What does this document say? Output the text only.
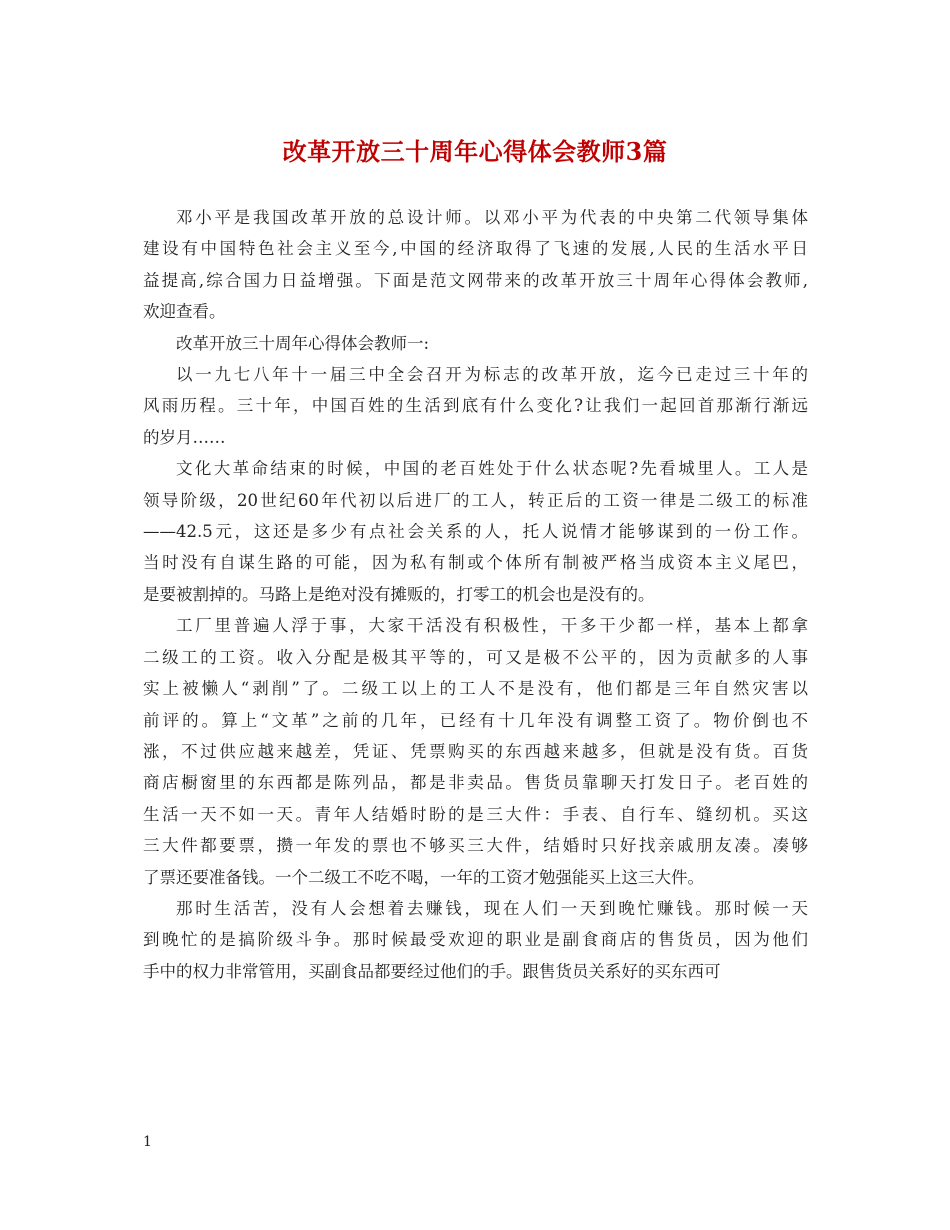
改革开放三十周年心得体会教师3篇

邓小平是我国改革开放的总设计师。以邓小平为代表的中央第二代领导集体
建设有中国特色社会主义至今,中国的经济取得了飞速的发展,人民的生活水平日
益提高,综合国力日益增强。下面是范文网带来的改革开放三十周年心得体会教师,
欢迎查看。

改革开放三十周年心得体会教师一:

以一九七八年十一届三中全会召开为标志的改革开放，迄今已走过三十年的
风雨历程。三十年，中国百姓的生活到底有什么变化?让我们一起回首那渐行渐远
的岁月……

文化大革命结束的时候，中国的老百姓处于什么状态呢?先看城里人。工人是
领导阶级，20世纪60年代初以后进厂的工人，转正后的工资一律是二级工的标准
——42.5元，这还是多少有点社会关系的人，托人说情才能够谋到的一份工作。
当时没有自谋生路的可能，因为私有制或个体所有制被严格当成资本主义尾巴，
是要被割掉的。马路上是绝对没有摊贩的，打零工的机会也是没有的。

工厂里普遍人浮于事，大家干活没有积极性，干多干少都一样，基本上都拿
二级工的工资。收入分配是极其平等的，可又是极不公平的，因为贡献多的人事
实上被懒人“剥削”了。二级工以上的工人不是没有，他们都是三年自然灾害以
前评的。算上“文革”之前的几年，已经有十几年没有调整工资了。物价倒也不
涨，不过供应越来越差，凭证、凭票购买的东西越来越多，但就是没有货。百货
商店橱窗里的东西都是陈列品，都是非卖品。售货员靠聊天打发日子。老百姓的
生活一天不如一天。青年人结婚时盼的是三大件：手表、自行车、缝纫机。买这
三大件都要票，攒一年发的票也不够买三大件，结婚时只好找亲戚朋友凑。凑够
了票还要准备钱。一个二级工不吃不喝，一年的工资才勉强能买上这三大件。

那时生活苦，没有人会想着去赚钱，现在人们一天到晚忙赚钱。那时候一天
到晚忙的是搞阶级斗争。那时候最受欢迎的职业是副食商店的售货员，因为他们
手中的权力非常管用，买副食品都要经过他们的手。跟售货员关系好的买东西可

1
